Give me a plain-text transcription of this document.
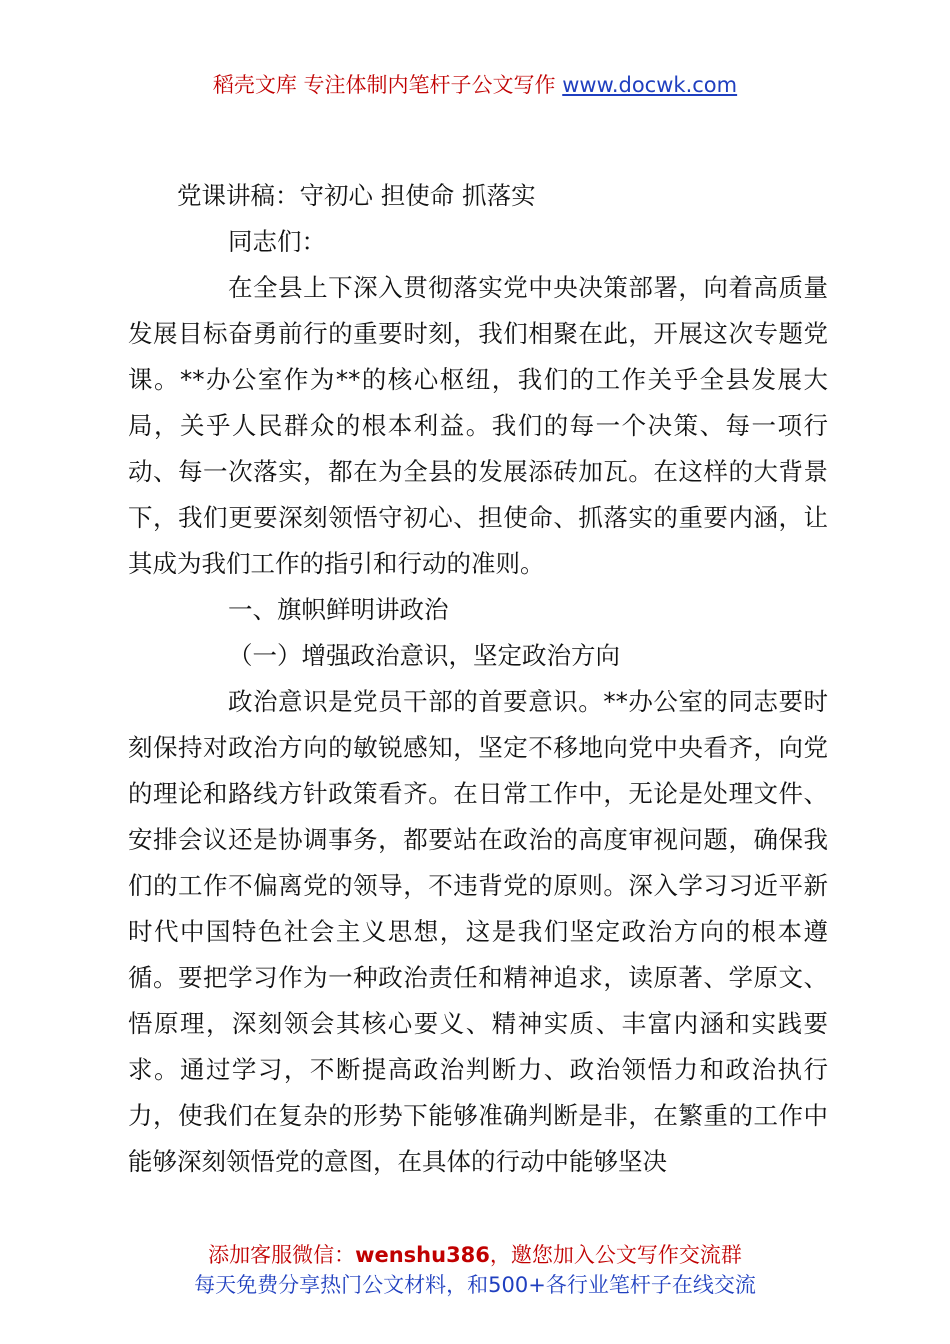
稻壳文库 专注体制内笔杆子公文写作 www.docwk.com

党课讲稿：守初心 担使命 抓落实

同志们：

在全县上下深入贯彻落实党中央决策部署，向着高质量发展目标奋勇前行的重要时刻，我们相聚在此，开展这次专题党课。**办公室作为**的核心枢纽，我们的工作关乎全县发展大局，关乎人民群众的根本利益。我们的每一个决策、每一项行动、每一次落实，都在为全县的发展添砖加瓦。在这样的大背景下，我们更要深刻领悟守初心、担使命、抓落实的重要内涵，让其成为我们工作的指引和行动的准则。

一、旗帜鲜明讲政治

（一）增强政治意识，坚定政治方向

政治意识是党员干部的首要意识。**办公室的同志要时刻保持对政治方向的敏锐感知，坚定不移地向党中央看齐，向党的理论和路线方针政策看齐。在日常工作中，无论是处理文件、安排会议还是协调事务，都要站在政治的高度审视问题，确保我们的工作不偏离党的领导，不违背党的原则。深入学习习近平新时代中国特色社会主义思想，这是我们坚定政治方向的根本遵循。要把学习作为一种政治责任和精神追求，读原著、学原文、悟原理，深刻领会其核心要义、精神实质、丰富内涵和实践要求。通过学习，不断提高政治判断力、政治领悟力和政治执行力，使我们在复杂的形势下能够准确判断是非，在繁重的工作中能够深刻领悟党的意图，在具体的行动中能够坚决

添加客服微信：wenshu386，邀您加入公文写作交流群
每天免费分享热门公文材料，和500+各行业笔杆子在线交流
